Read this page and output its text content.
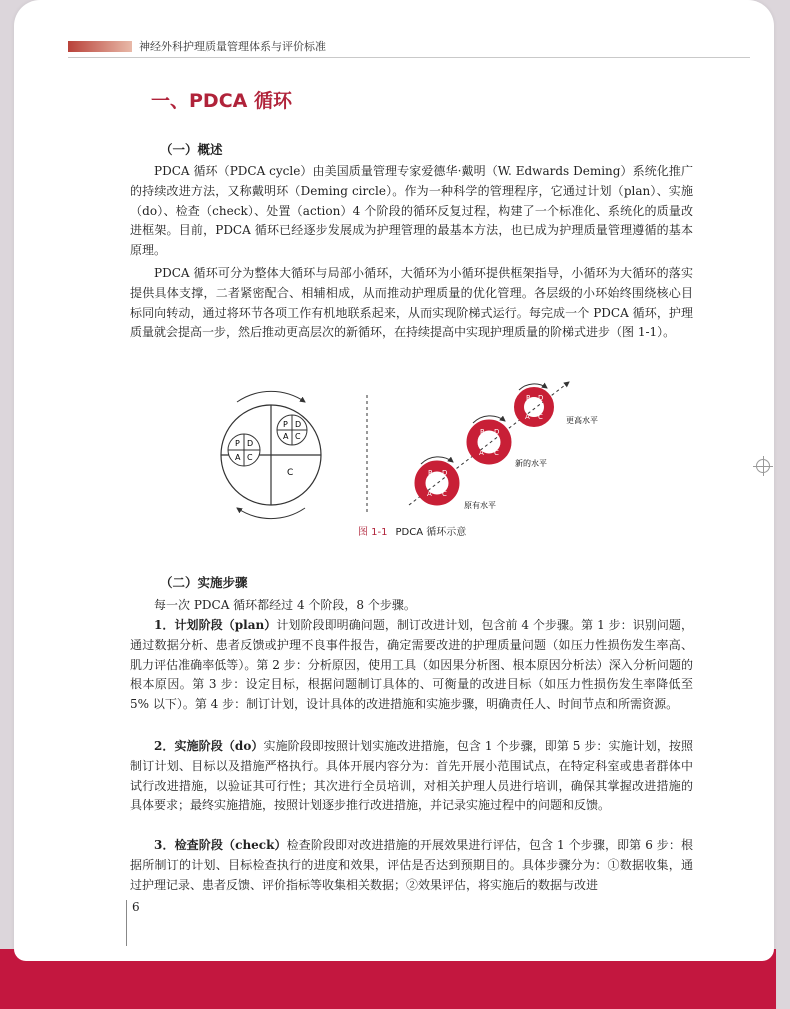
神经外科护理质量管理体系与评价标准
一、PDCA 循环
（一）概述
PDCA 循环（PDCA cycle）由美国质量管理专家爱德华·戴明（W. Edwards Deming）系统化推广的持续改进方法，又称戴明环（Deming circle）。作为一种科学的管理程序，它通过计划（plan）、实施（do）、检查（check）、处置（action）4 个阶段的循环反复过程，构建了一个标准化、系统化的质量改进框架。目前，PDCA 循环已经逐步发展成为护理管理的最基本方法，也已成为护理质量管理遵循的基本原理。
PDCA 循环可分为整体大循环与局部小循环，大循环为小循环提供框架指导，小循环为大循环的落实提供具体支撑，二者紧密配合、相辅相成，从而推动护理质量的优化管理。各层级的小环始终围绕核心目标同向转动，通过将环节各项工作有机地联系起来，从而实现阶梯式运行。每完成一个 PDCA 循环，护理质量就会提高一步，然后推动更高层次的新循环，在持续提高中实现护理质量的阶梯式进步（图 1-1）。
P D
A C
P D
A C
C	P D
A C
P D
A C
P D
A C	更高水平
新的水平
原有水平
图 1-1 PDCA 循环示意
（二）实施步骤
每一次 PDCA 循环都经过 4 个阶段，8 个步骤。
1．计划阶段（plan）计划阶段即明确问题，制订改进计划，包含前 4 个步骤。第 1 步：识别问题，通过数据分析、患者反馈或护理不良事件报告，确定需要改进的护理质量问题（如压力性损伤发生率高、肌力评估准确率低等）。第 2 步：分析原因，使用工具（如因果分析图、根本原因分析法）深入分析问题的根本原因。第 3 步：设定目标，根据问题制订具体的、可衡量的改进目标（如压力性损伤发生率降低至 5% 以下）。第 4 步：制订计划，设计具体的改进措施和实施步骤，明确责任人、时间节点和所需资源。
2．实施阶段（do）实施阶段即按照计划实施改进措施，包含 1 个步骤，即第 5 步：实施计划，按照制订计划、目标以及措施严格执行。具体开展内容分为：首先开展小范围试点，在特定科室或患者群体中试行改进措施，以验证其可行性；其次进行全员培训，对相关护理人员进行培训，确保其掌握改进措施的具体要求；最终实施措施，按照计划逐步推行改进措施，并记录实施过程中的问题和反馈。
3．检查阶段（check）检查阶段即对改进措施的开展效果进行评估，包含 1 个步骤，即第 6 步：根据所制订的计划、目标检查执行的进度和效果，评估是否达到预期目的。具体步骤分为：①数据收集，通过护理记录、患者反馈、评价指标等收集相关数据；②效果评估，将实施后的数据与改进
6
